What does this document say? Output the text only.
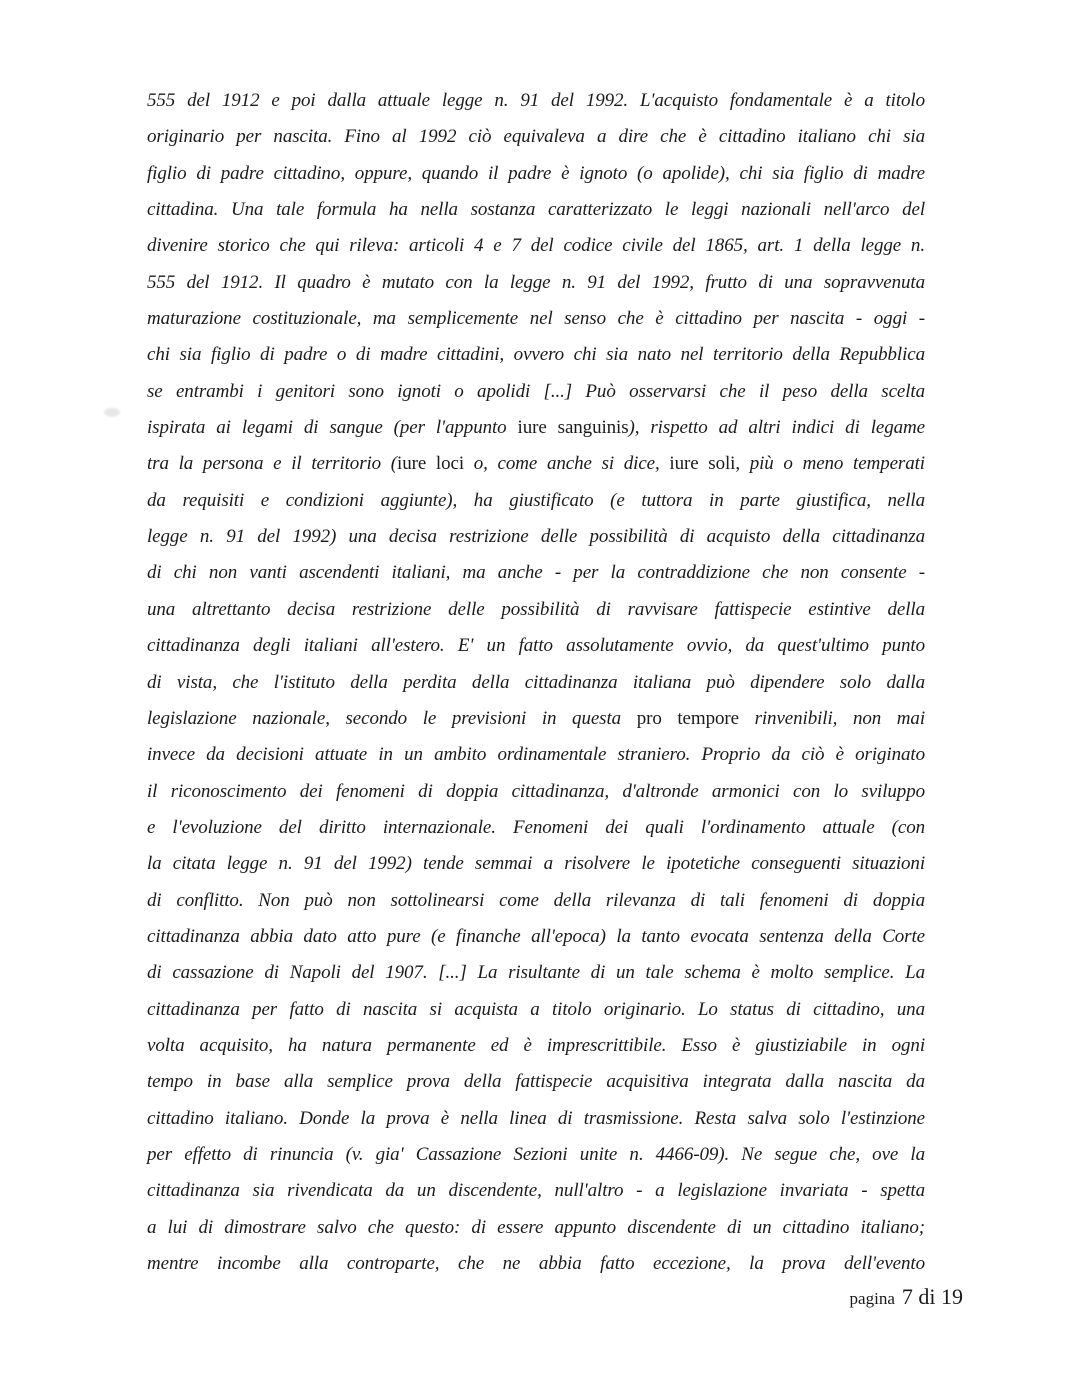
555 del 1912 e poi dalla attuale legge n. 91 del 1992. L'acquisto fondamentale è a titolo
originario per nascita. Fino al 1992 ciò equivaleva a dire che è cittadino italiano chi sia
figlio di padre cittadino, oppure, quando il padre è ignoto (o apolide), chi sia figlio di madre
cittadina. Una tale formula ha nella sostanza caratterizzato le leggi nazionali nell'arco del
divenire storico che qui rileva: articoli 4 e 7 del codice civile del 1865, art. 1 della legge n.
555 del 1912. Il quadro è mutato con la legge n. 91 del 1992, frutto di una sopravvenuta
maturazione costituzionale, ma semplicemente nel senso che è cittadino per nascita - oggi -
chi sia figlio di padre o di madre cittadini, ovvero chi sia nato nel territorio della Repubblica
se entrambi i genitori sono ignoti o apolidi [...] Può osservarsi che il peso della scelta
ispirata ai legami di sangue (per l'appunto iure sanguinis), rispetto ad altri indici di legame
tra la persona e il territorio (iure loci o, come anche si dice, iure soli, più o meno temperati
da requisiti e condizioni aggiunte), ha giustificato (e tuttora in parte giustifica, nella
legge n. 91 del 1992) una decisa restrizione delle possibilità di acquisto della cittadinanza
di chi non vanti ascendenti italiani, ma anche - per la contraddizione che non consente -
una altrettanto decisa restrizione delle possibilità di ravvisare fattispecie estintive della
cittadinanza degli italiani all'estero. E' un fatto assolutamente ovvio, da quest'ultimo punto
di vista, che l'istituto della perdita della cittadinanza italiana può dipendere solo dalla
legislazione nazionale, secondo le previsioni in questa pro tempore rinvenibili, non mai
invece da decisioni attuate in un ambito ordinamentale straniero. Proprio da ciò è originato
il riconoscimento dei fenomeni di doppia cittadinanza, d'altronde armonici con lo sviluppo
e l'evoluzione del diritto internazionale. Fenomeni dei quali l'ordinamento attuale (con
la citata legge n. 91 del 1992) tende semmai a risolvere le ipotetiche conseguenti situazioni
di conflitto. Non può non sottolinearsi come della rilevanza di tali fenomeni di doppia
cittadinanza abbia dato atto pure (e finanche all'epoca) la tanto evocata sentenza della Corte
di cassazione di Napoli del 1907. [...] La risultante di un tale schema è molto semplice. La
cittadinanza per fatto di nascita si acquista a titolo originario. Lo status di cittadino, una
volta acquisito, ha natura permanente ed è imprescrittibile. Esso è giustiziabile in ogni
tempo in base alla semplice prova della fattispecie acquisitiva integrata dalla nascita da
cittadino italiano. Donde la prova è nella linea di trasmissione. Resta salva solo l'estinzione
per effetto di rinuncia (v. gia' Cassazione Sezioni unite n. 4466-09). Ne segue che, ove la
cittadinanza sia rivendicata da un discendente, null'altro - a legislazione invariata - spetta
a lui di dimostrare salvo che questo: di essere appunto discendente di un cittadino italiano;
mentre incombe alla controparte, che ne abbia fatto eccezione, la prova dell'evento
pagina 7 di 19
